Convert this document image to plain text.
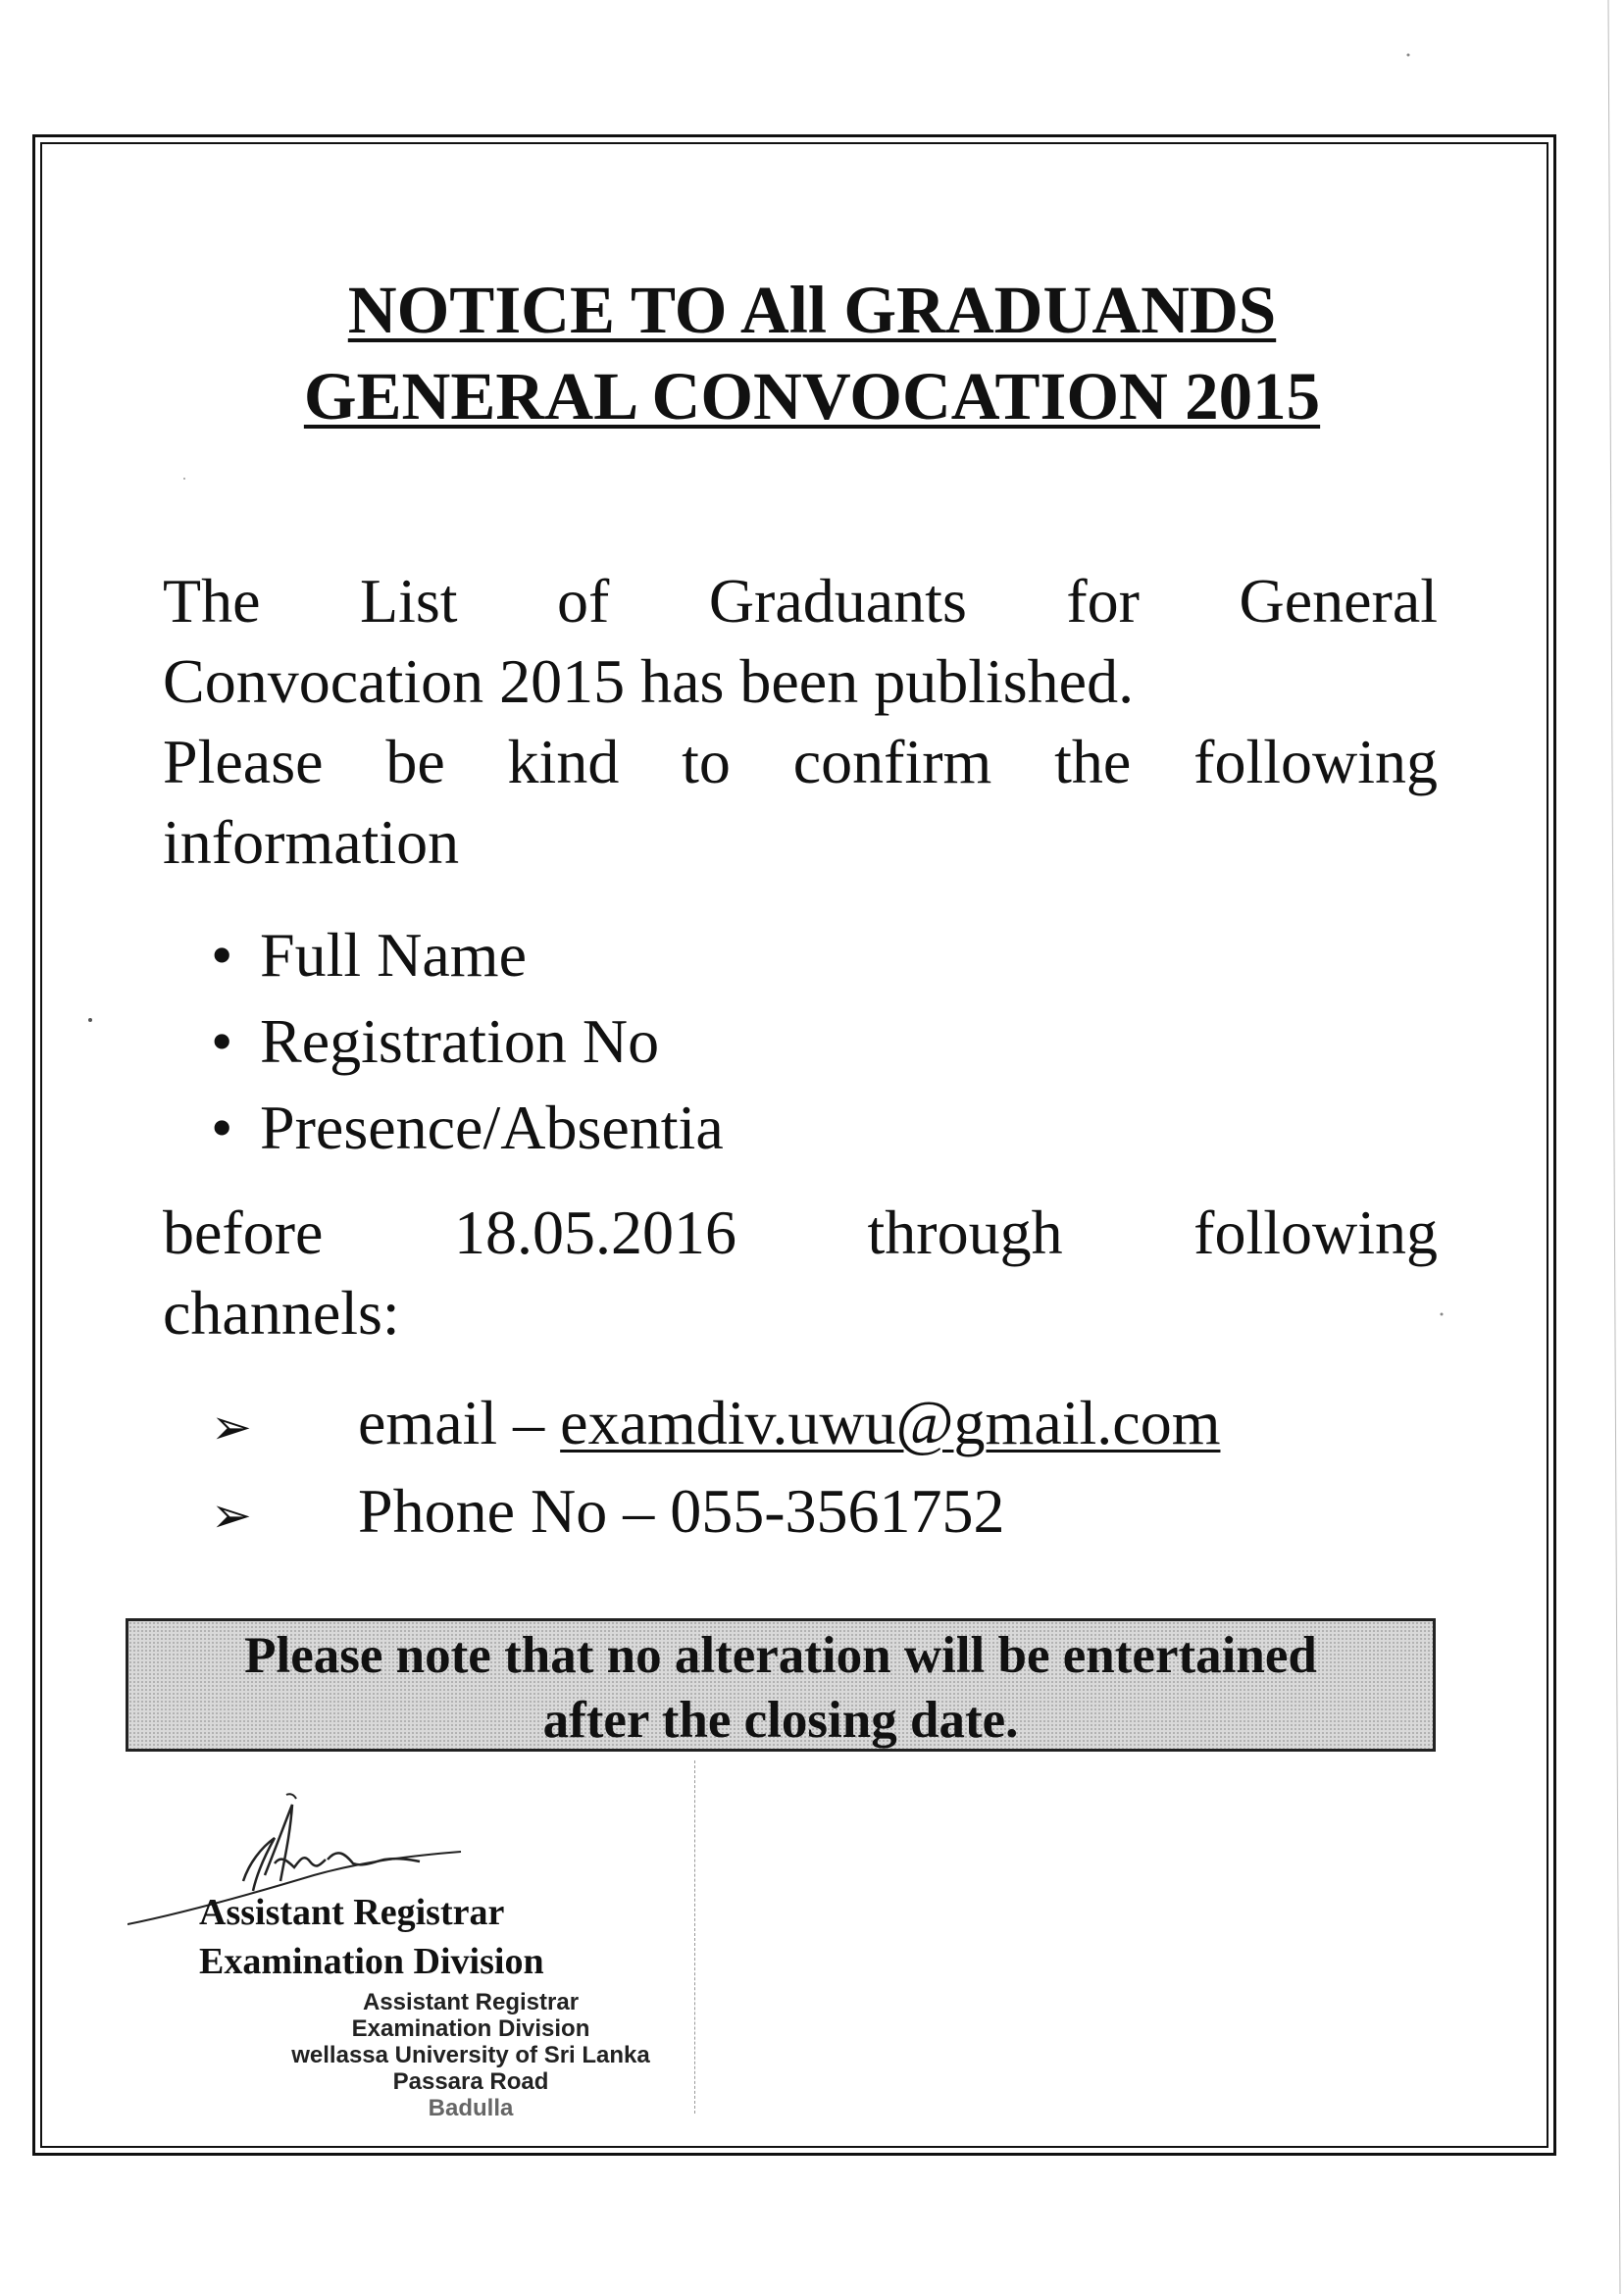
NOTICE TO All GRADUANDS
GENERAL CONVOCATION 2015
The List of Graduants for General
Convocation 2015 has been published.
Please be kind to confirm the following
information
• Full Name
• Registration No
• Presence/Absentia
before 18.05.2016 through following
channels:
➢ email – examdiv.uwu@gmail.com
➢ Phone No – 055-3561752
Please note that no alteration will be entertained
after the closing date.
Assistant Registrar
Examination Division
Assistant Registrar
Examination Division
wellassa University of Sri Lanka
Passara Road
Badulla
